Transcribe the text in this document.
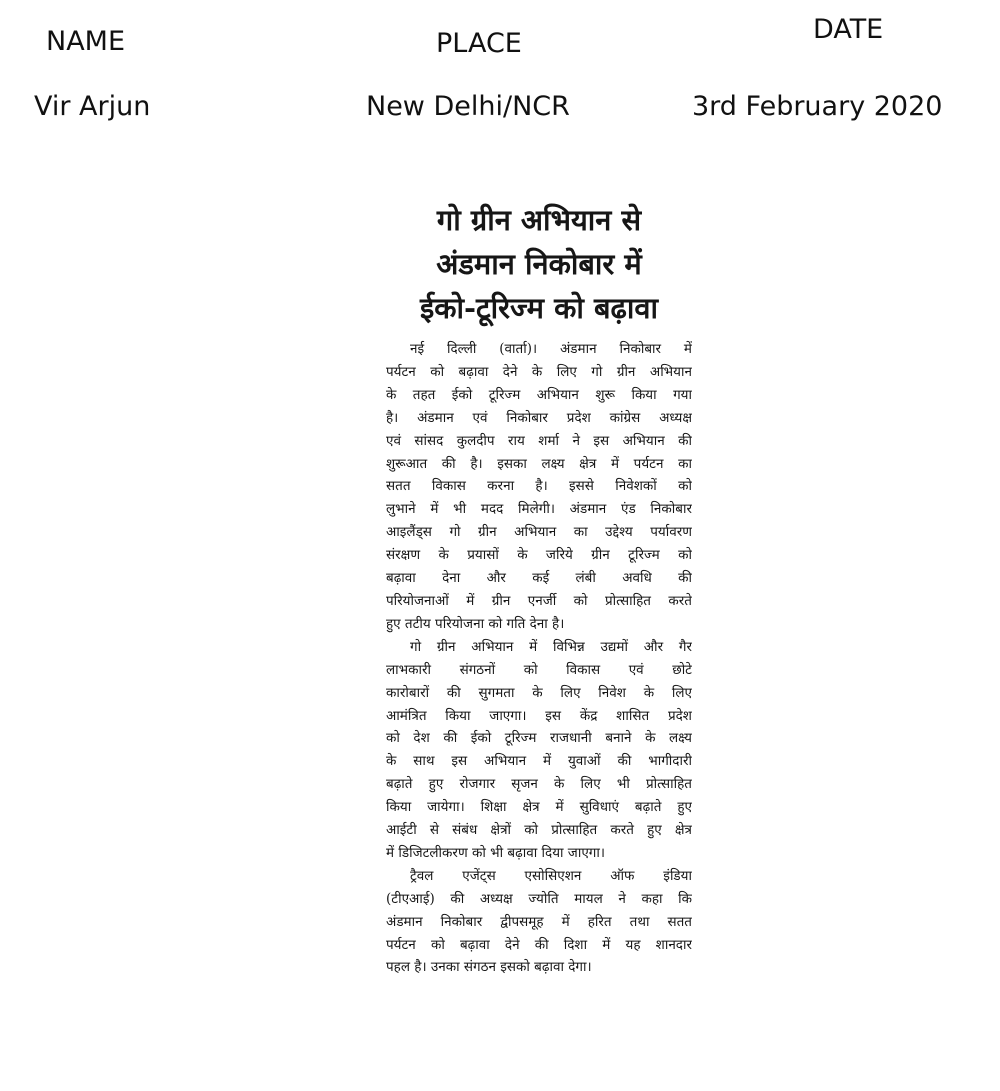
NAME	PLACE	DATE
Vir Arjun	New Delhi/NCR	3rd February 2020
गो ग्रीन अभियान से
अंडमान निकोबार में
ईको-टूरिज्म को बढ़ावा
नई दिल्ली (वार्ता)। अंडमान निकोबार में
पर्यटन को बढ़ावा देने के लिए गो ग्रीन अभियान
के तहत ईको टूरिज्म अभियान शुरू किया गया
है। अंडमान एवं निकोबार प्रदेश कांग्रेस अध्यक्ष
एवं सांसद कुलदीप राय शर्मा ने इस अभियान की
शुरूआत की है। इसका लक्ष्य क्षेत्र में पर्यटन का
सतत विकास करना है। इससे निवेशकों को
लुभाने में भी मदद मिलेगी। अंडमान एंड निकोबार
आइलैंड्स गो ग्रीन अभियान का उद्देश्य पर्यावरण
संरक्षण के प्रयासों के जरिये ग्रीन टूरिज्म को
बढ़ावा देना और कई लंबी अवधि की
परियोजनाओं में ग्रीन एनर्जी को प्रोत्साहित करते
हुए तटीय परियोजना को गति देना है।
गो ग्रीन अभियान में विभिन्न उद्यमों और गैर
लाभकारी संगठनों को विकास एवं छोटे
कारोबारों की सुगमता के लिए निवेश के लिए
आमंत्रित किया जाएगा। इस केंद्र शासित प्रदेश
को देश की ईको टूरिज्म राजधानी बनाने के लक्ष्य
के साथ इस अभियान में युवाओं की भागीदारी
बढ़ाते हुए रोजगार सृजन के लिए भी प्रोत्साहित
किया जायेगा। शिक्षा क्षेत्र में सुविधाएं बढ़ाते हुए
आईटी से संबंध क्षेत्रों को प्रोत्साहित करते हुए क्षेत्र
में डिजिटलीकरण को भी बढ़ावा दिया जाएगा।
ट्रैवल एजेंट्स एसोसिएशन ऑफ इंडिया
(टीएआई) की अध्यक्ष ज्योति मायल ने कहा कि
अंडमान निकोबार द्वीपसमूह में हरित तथा सतत
पर्यटन को बढ़ावा देने की दिशा में यह शानदार
पहल है। उनका संगठन इसको बढ़ावा देगा।
